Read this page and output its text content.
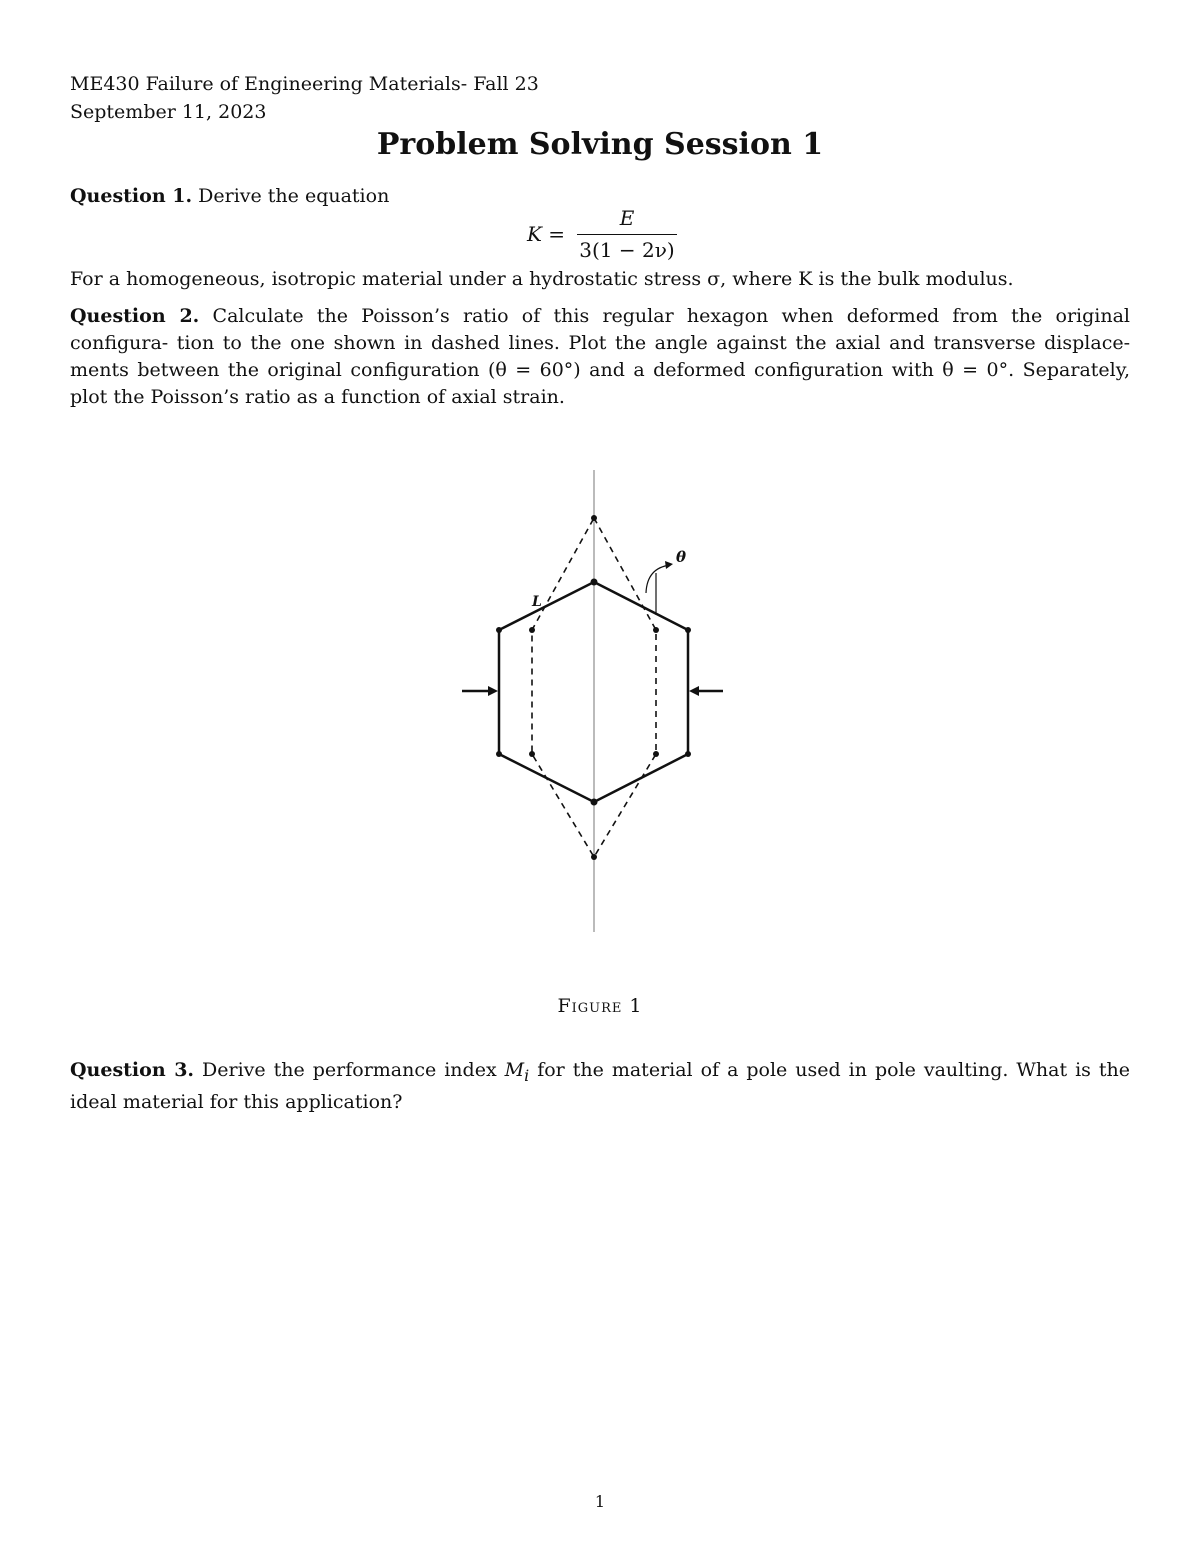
ME430 Failure of Engineering Materials- Fall 23
September 11, 2023
Problem Solving Session 1
Question 1. Derive the equation
K =
E
3(1 − 2ν)
For a homogeneous, isotropic material under a hydrostatic stress σ, where K is the bulk modulus.
Question 2. Calculate the Poisson’s ratio of this regular hexagon when deformed from the original configura- tion to the one shown in dashed lines. Plot the angle against the axial and transverse displace- ments between the original configuration (θ = 60°) and a deformed configuration with θ = 0°. Separately, plot the Poisson’s ratio as a function of axial strain.
θ
L
Figure 1
Question 3. Derive the performance index $M_i$ for the material of a pole used in pole vaulting. What is the ideal material for this application?
1
